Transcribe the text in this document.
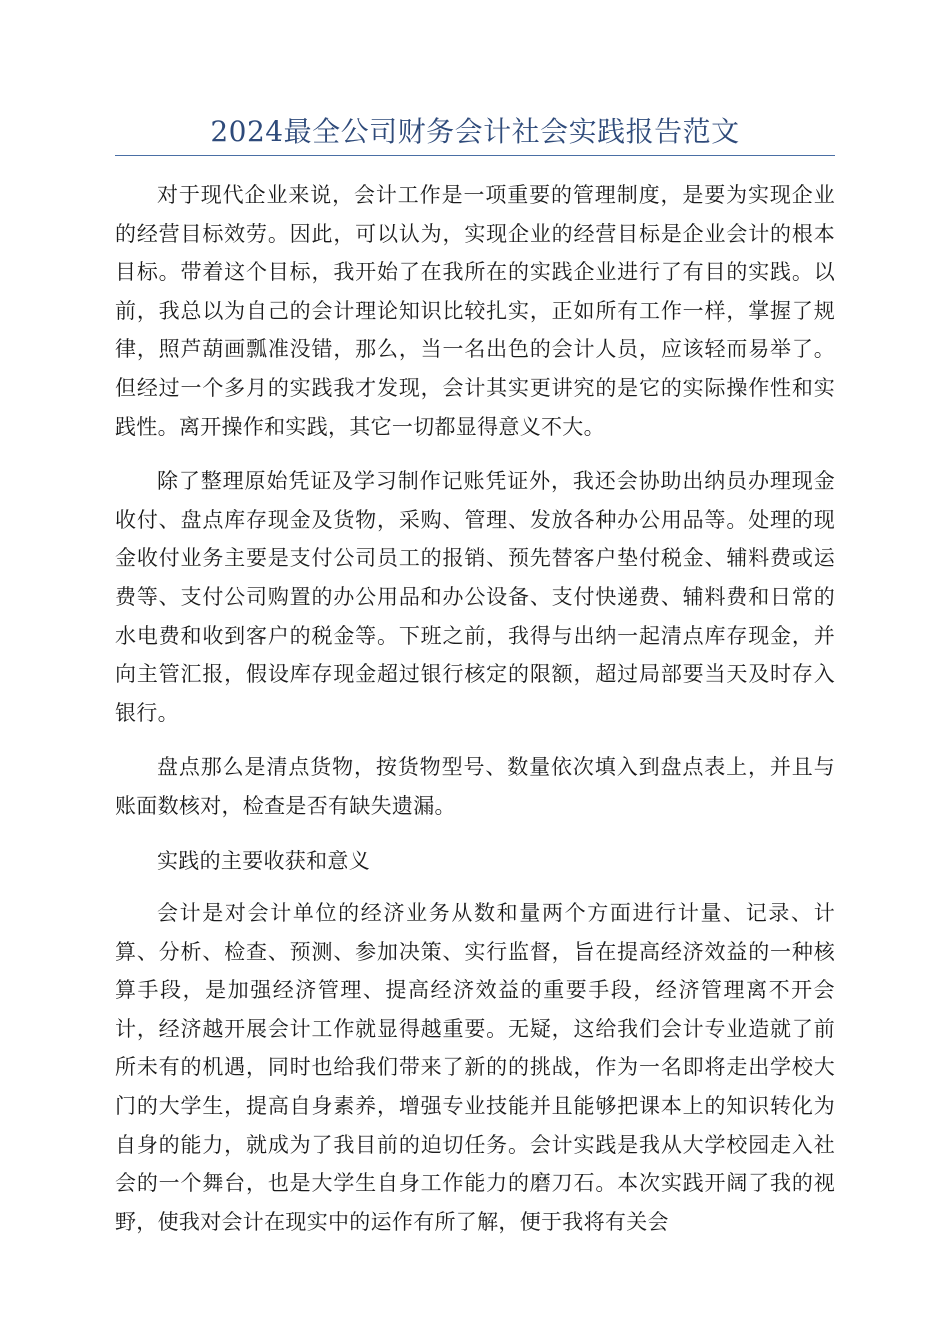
2024最全公司财务会计社会实践报告范文

对于现代企业来说，会计工作是一项重要的管理制度，是要为实现企业的经营目标效劳。因此，可以认为，实现企业的经营目标是企业会计的根本目标。带着这个目标，我开始了在我所在的实践企业进行了有目的实践。以前，我总以为自己的会计理论知识比较扎实，正如所有工作一样，掌握了规律，照芦葫画瓢准没错，那么，当一名出色的会计人员，应该轻而易举了。但经过一个多月的实践我才发现，会计其实更讲究的是它的实际操作性和实践性。离开操作和实践，其它一切都显得意义不大。

除了整理原始凭证及学习制作记账凭证外，我还会协助出纳员办理现金收付、盘点库存现金及货物，采购、管理、发放各种办公用品等。处理的现金收付业务主要是支付公司员工的报销、预先替客户垫付税金、辅料费或运费等、支付公司购置的办公用品和办公设备、支付快递费、辅料费和日常的水电费和收到客户的税金等。下班之前，我得与出纳一起清点库存现金，并向主管汇报，假设库存现金超过银行核定的限额，超过局部要当天及时存入银行。

盘点那么是清点货物，按货物型号、数量依次填入到盘点表上，并且与账面数核对，检查是否有缺失遗漏。

实践的主要收获和意义

会计是对会计单位的经济业务从数和量两个方面进行计量、记录、计算、分析、检查、预测、参加决策、实行监督，旨在提高经济效益的一种核算手段，是加强经济管理、提高经济效益的重要手段，经济管理离不开会计，经济越开展会计工作就显得越重要。无疑，这给我们会计专业造就了前所未有的机遇，同时也给我们带来了新的的挑战，作为一名即将走出学校大门的大学生，提高自身素养，增强专业技能并且能够把课本上的知识转化为自身的能力，就成为了我目前的迫切任务。会计实践是我从大学校园走入社会的一个舞台，也是大学生自身工作能力的磨刀石。本次实践开阔了我的视野，使我对会计在现实中的运作有所了解，便于我将有关会
